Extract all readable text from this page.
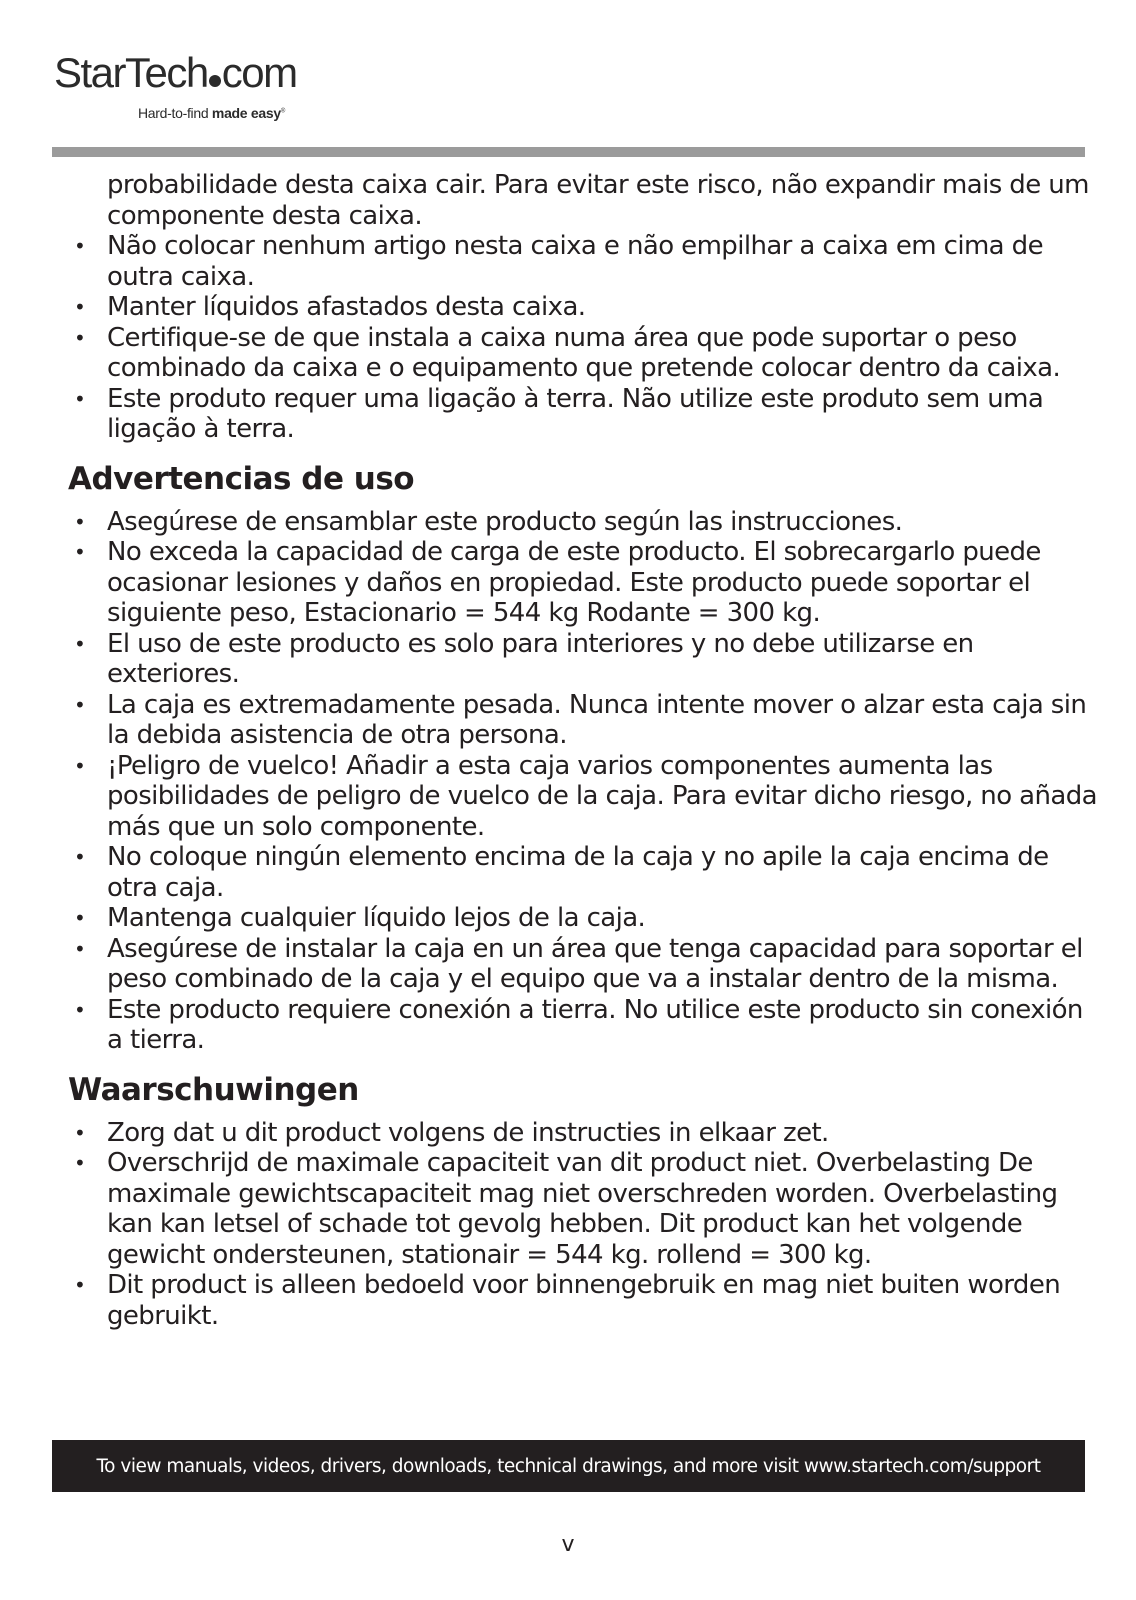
StarTech com
Hard-to-find made easy®

probabilidade desta caixa cair. Para evitar este risco, não expandir mais de um componente desta caixa.

• Não colocar nenhum artigo nesta caixa e não empilhar a caixa em cima de outra caixa.
• Manter líquidos afastados desta caixa.
• Certifique-se de que instala a caixa numa área que pode suportar o peso combinado da caixa e o equipamento que pretende colocar dentro da caixa.
• Este produto requer uma ligação à terra. Não utilize este produto sem uma ligação à terra.
Advertencias de uso
• Asegúrese de ensamblar este producto según las instrucciones.
• No exceda la capacidad de carga de este producto. El sobrecargarlo puede ocasionar lesiones y daños en propiedad. Este producto puede soportar el siguiente peso, Estacionario = 544 kg Rodante = 300 kg.
• El uso de este producto es solo para interiores y no debe utilizarse en exteriores.
• La caja es extremadamente pesada. Nunca intente mover o alzar esta caja sin la debida asistencia de otra persona.
• ¡Peligro de vuelco! Añadir a esta caja varios componentes aumenta las posibilidades de peligro de vuelco de la caja. Para evitar dicho riesgo, no añada más que un solo componente.
• No coloque ningún elemento encima de la caja y no apile la caja encima de otra caja.
• Mantenga cualquier líquido lejos de la caja.
• Asegúrese de instalar la caja en un área que tenga capacidad para soportar el peso combinado de la caja y el equipo que va a instalar dentro de la misma.
• Este producto requiere conexión a tierra. No utilice este producto sin conexión a tierra.
Waarschuwingen
• Zorg dat u dit product volgens de instructies in elkaar zet.
• Overschrijd de maximale capaciteit van dit product niet. Overbelasting De maximale gewichtscapaciteit mag niet overschreden worden. Overbelasting kan kan letsel of schade tot gevolg hebben. Dit product kan het volgende gewicht ondersteunen, stationair = 544 kg. rollend = 300 kg.
• Dit product is alleen bedoeld voor binnengebruik en mag niet buiten worden gebruikt.
To view manuals, videos, drivers, downloads, technical drawings, and more visit www.startech.com/support
v
